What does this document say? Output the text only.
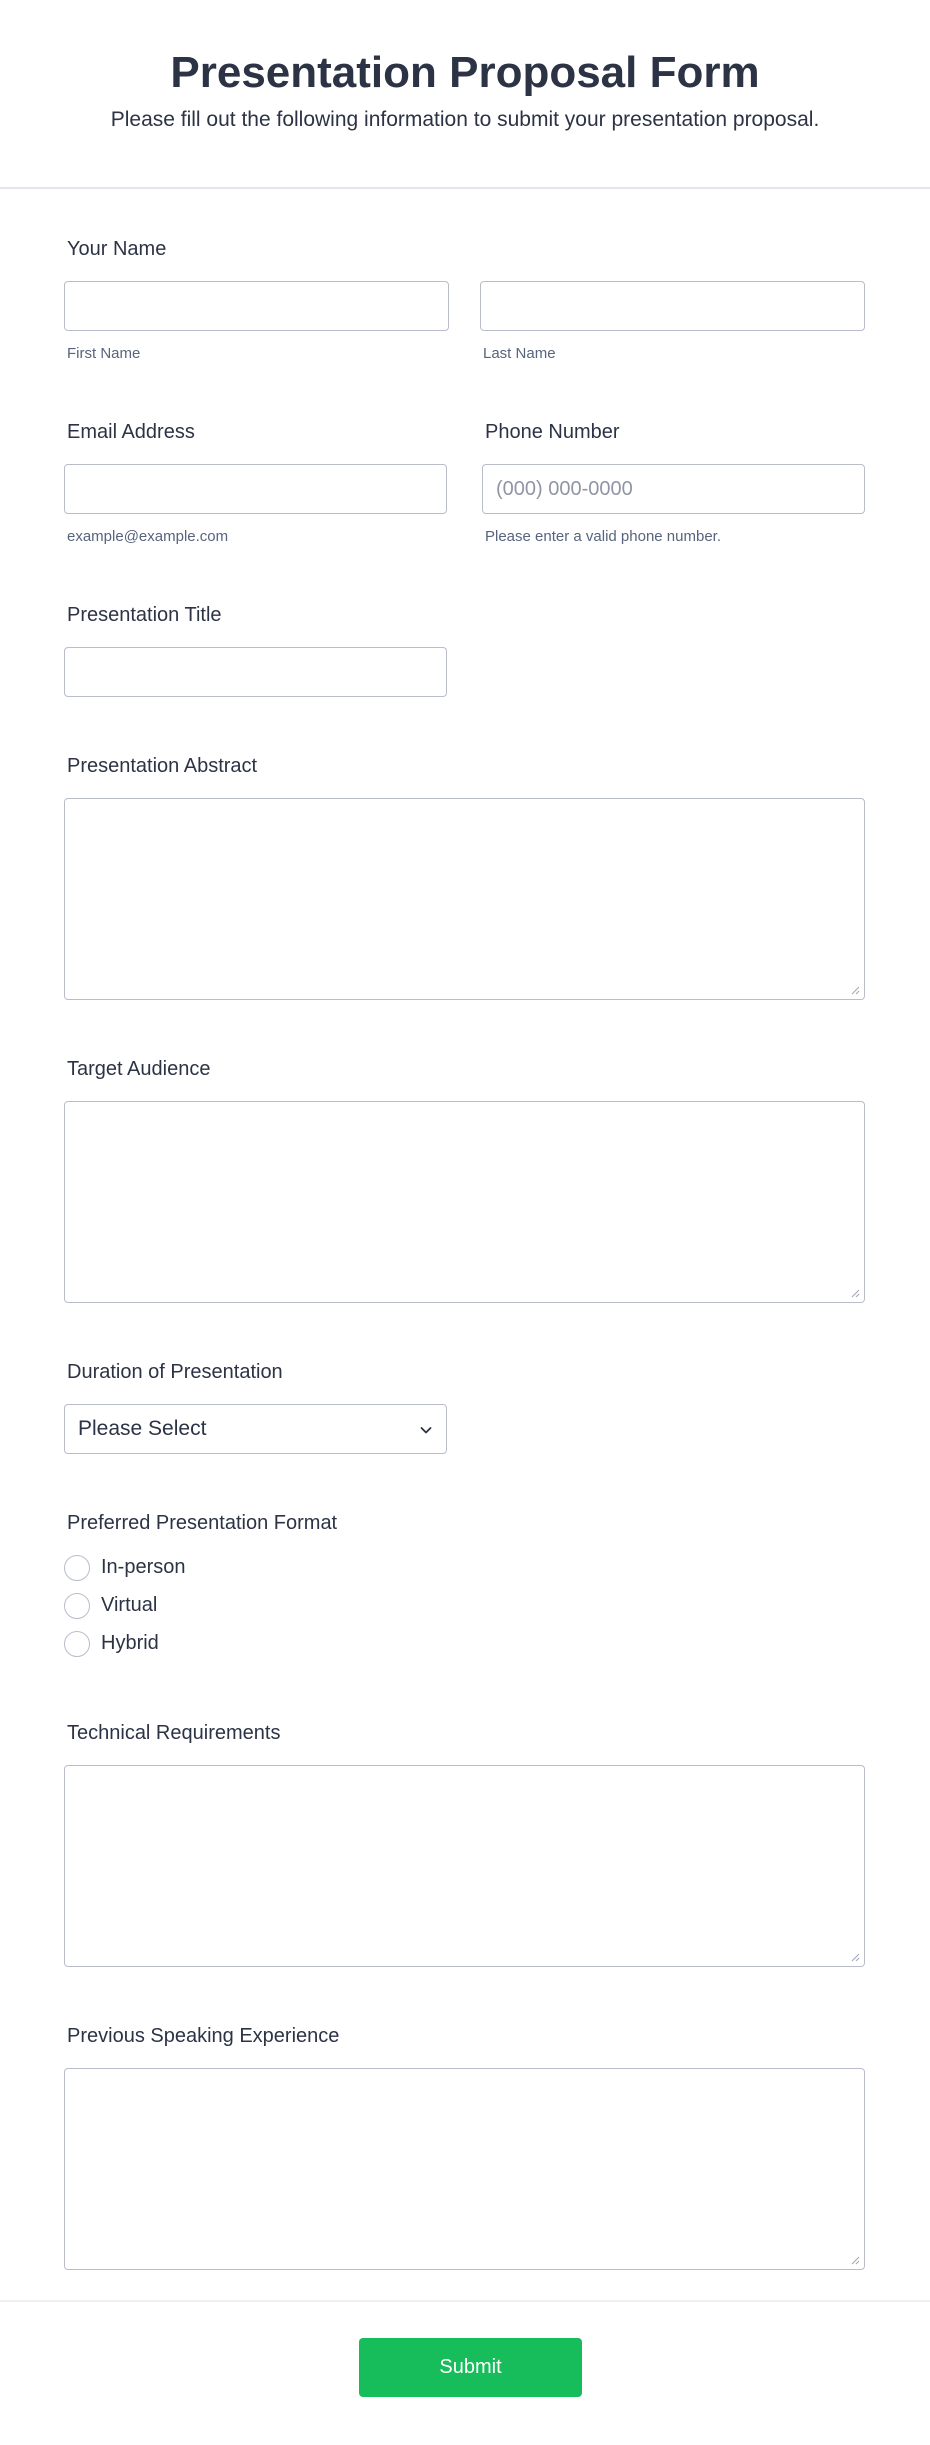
Presentation Proposal Form
Please fill out the following information to submit your presentation proposal.
Your Name
First Name	Last Name
Email Address
example@example.com
Phone Number
(000) 000-0000
Please enter a valid phone number.
Presentation Title
Presentation Abstract
Target Audience
Duration of Presentation
Please Select
Preferred Presentation Format
In-person
Virtual
Hybrid
Technical Requirements
Previous Speaking Experience
Submit
